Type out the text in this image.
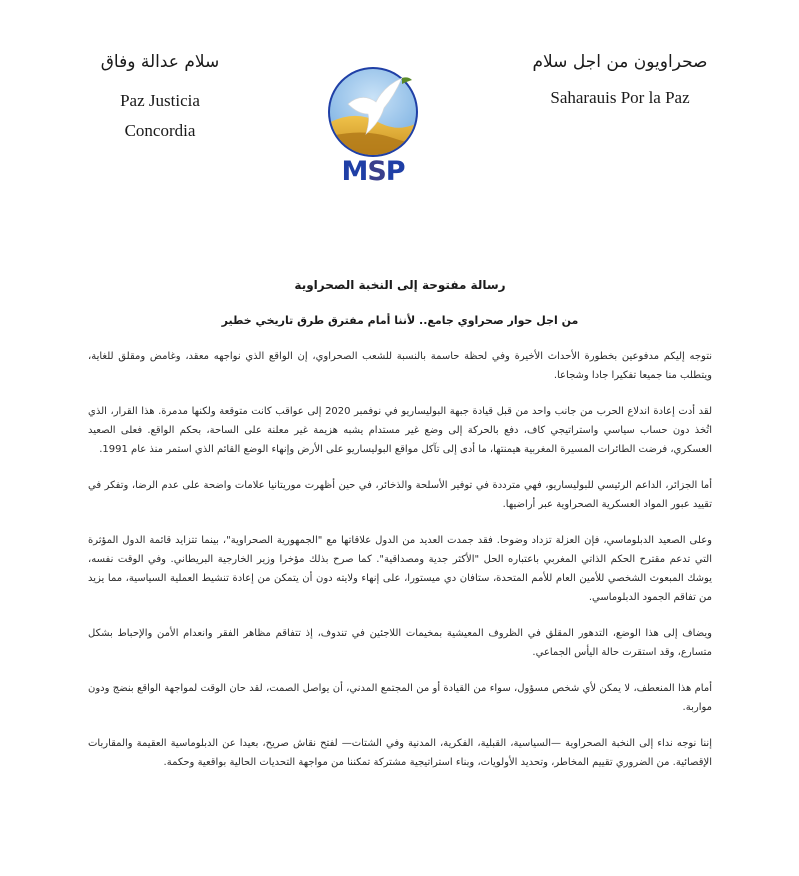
سلام عدالة وفاق
Paz Justicia
Concordia
MSP
صحراويون من اجل سلام
Saharauis Por la Paz
رسالة مفتوحة إلى النخبة الصحراوية
من اجل حوار صحراوي جامع.. لأننا أمام مفترق طرق تاريخي خطير

نتوجه إليكم مدفوعين بخطورة الأحداث الأخيرة وفي لحظة حاسمة بالنسبة للشعب الصحراوي، إن الواقع الذي نواجهه معقد، وغامض ومقلق للغاية، ويتطلب منا جميعا تفكيرا جادا وشجاعا.

لقد أدت إعادة اندلاع الحرب من جانب واحد من قبل قيادة جبهة البوليساريو في نوفمبر 2020 إلى عواقب كانت متوقعة ولكنها مدمرة. هذا القرار، الذي اتُخذ دون حساب سياسي واستراتيجي كاف، دفع بالحركة إلى وضع غير مستدام يشبه هزيمة غير معلنة على الساحة، بحكم الواقع. فعلى الصعيد العسكري، فرضت الطائرات المسيرة المغربية هيمنتها، ما أدى إلى تآكل مواقع البوليساريو على الأرض وإنهاء الوضع القائم الذي استمر منذ عام 1991.

أما الجزائر، الداعم الرئيسي للبوليساريو، فهي مترددة في توفير الأسلحة والذخائر، في حين أظهرت موريتانيا علامات واضحة على عدم الرضا، وتفكر في تقييد عبور المواد العسكرية الصحراوية عبر أراضيها.

وعلى الصعيد الدبلوماسي، فإن العزلة تزداد وضوحا. فقد جمدت العديد من الدول علاقاتها مع "الجمهورية الصحراوية"، بينما تتزايد قائمة الدول المؤثرة التي تدعم مقترح الحكم الذاتي المغربي باعتباره الحل "الأكثر جدية ومصداقية". كما صرح بذلك مؤخرا وزير الخارجية البريطاني. وفي الوقت نفسه، يوشك المبعوث الشخصي للأمين العام للأمم المتحدة، ستافان دي ميستورا، على إنهاء ولايته دون أن يتمكن من إعادة تنشيط العملية السياسية، مما يزيد من تفاقم الجمود الدبلوماسي.

ويضاف إلى هذا الوضع، التدهور المقلق في الظروف المعيشية بمخيمات اللاجئين في تندوف، إذ تتفاقم مظاهر الفقر وانعدام الأمن والإحباط بشكل متسارع، وقد استقرت حالة اليأس الجماعي.

أمام هذا المنعطف، لا يمكن لأي شخص مسؤول، سواء من القيادة أو من المجتمع المدني، أن يواصل الصمت، لقد حان الوقت لمواجهة الواقع بنضج ودون مواربة.

إننا نوجه نداء إلى النخبة الصحراوية —السياسية، القبلية، الفكرية، المدنية وفي الشتات— لفتح نقاش صريح، بعيدا عن الدبلوماسية العقيمة والمقاربات الإقصائية. من الضروري تقييم المخاطر، وتحديد الأولويات، وبناء استراتيجية مشتركة تمكننا من مواجهة التحديات الحالية بواقعية وحكمة.
